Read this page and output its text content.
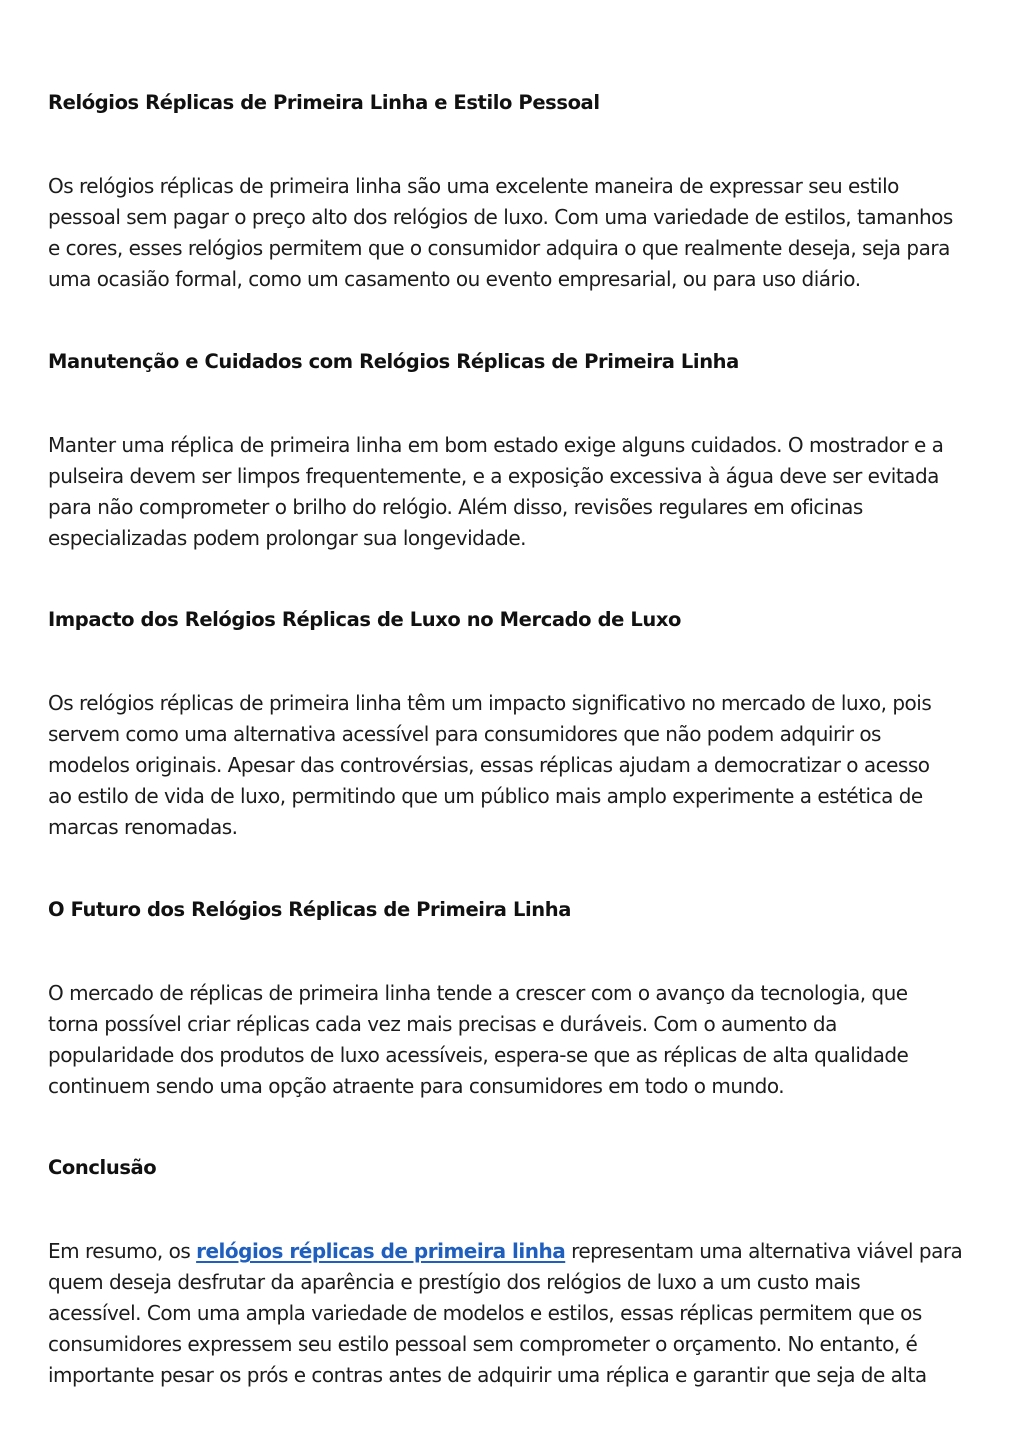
Relógios Réplicas de Primeira Linha e Estilo Pessoal

Os relógios réplicas de primeira linha são uma excelente maneira de expressar seu estilo
pessoal sem pagar o preço alto dos relógios de luxo. Com uma variedade de estilos, tamanhos
e cores, esses relógios permitem que o consumidor adquira o que realmente deseja, seja para
uma ocasião formal, como um casamento ou evento empresarial, ou para uso diário.

Manutenção e Cuidados com Relógios Réplicas de Primeira Linha

Manter uma réplica de primeira linha em bom estado exige alguns cuidados. O mostrador e a
pulseira devem ser limpos frequentemente, e a exposição excessiva à água deve ser evitada
para não comprometer o brilho do relógio. Além disso, revisões regulares em oficinas
especializadas podem prolongar sua longevidade.

Impacto dos Relógios Réplicas de Luxo no Mercado de Luxo

Os relógios réplicas de primeira linha têm um impacto significativo no mercado de luxo, pois
servem como uma alternativa acessível para consumidores que não podem adquirir os
modelos originais. Apesar das controvérsias, essas réplicas ajudam a democratizar o acesso
ao estilo de vida de luxo, permitindo que um público mais amplo experimente a estética de
marcas renomadas.

O Futuro dos Relógios Réplicas de Primeira Linha

O mercado de réplicas de primeira linha tende a crescer com o avanço da tecnologia, que
torna possível criar réplicas cada vez mais precisas e duráveis. Com o aumento da
popularidade dos produtos de luxo acessíveis, espera-se que as réplicas de alta qualidade
continuem sendo uma opção atraente para consumidores em todo o mundo.

Conclusão

Em resumo, os relógios réplicas de primeira linha representam uma alternativa viável para
quem deseja desfrutar da aparência e prestígio dos relógios de luxo a um custo mais
acessível. Com uma ampla variedade de modelos e estilos, essas réplicas permitem que os
consumidores expressem seu estilo pessoal sem comprometer o orçamento. No entanto, é
importante pesar os prós e contras antes de adquirir uma réplica e garantir que seja de alta
